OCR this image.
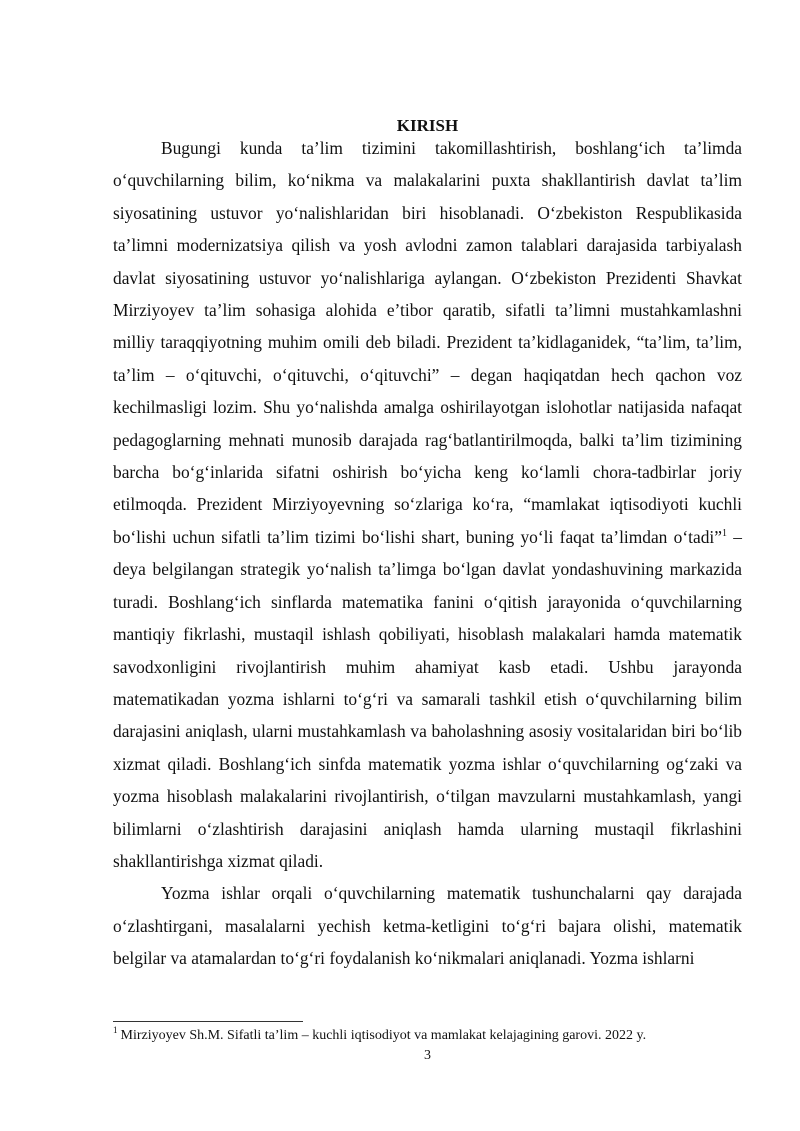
KIRISH

Bugungi kunda ta’lim tizimini takomillashtirish, boshlang‘ich ta’limda o‘quvchilarning bilim, ko‘nikma va malakalarini puxta shakllantirish davlat ta’lim siyosatining ustuvor yo‘nalishlaridan biri hisoblanadi. O‘zbekiston Respublikasida ta’limni modernizatsiya qilish va yosh avlodni zamon talablari darajasida tarbiyalash davlat siyosatining ustuvor yo‘nalishlariga aylangan. O‘zbekiston Prezidenti Shavkat Mirziyoyev ta’lim sohasiga alohida e’tibor qaratib, sifatli ta’limni mustahkamlashni milliy taraqqiyotning muhim omili deb biladi. Prezident ta’kidlaganidek, “ta’lim, ta’lim, ta’lim – o‘qituvchi, o‘qituvchi, o‘qituvchi” – degan haqiqatdan hech qachon voz kechilmasligi lozim. Shu yo‘nalishda amalga oshirilayotgan islohotlar natijasida nafaqat pedagoglarning mehnati munosib darajada rag‘batlantirilmoqda, balki ta’lim tizimining barcha bo‘g‘inlarida sifatni oshirish bo‘yicha keng ko‘lamli chora-tadbirlar joriy etilmoqda. Prezident Mirziyoyevning so‘zlariga ko‘ra, “mamlakat iqtisodiyoti kuchli bo‘lishi uchun sifatli ta’lim tizimi bo‘lishi shart, buning yo‘li faqat ta’limdan o‘tadi”$^1$ – deya belgilangan strategik yo‘nalish ta’limga bo‘lgan davlat yondashuvining markazida turadi. Boshlang‘ich sinflarda matematika fanini o‘qitish jarayonida o‘quvchilarning mantiqiy fikrlashi, mustaqil ishlash qobiliyati, hisoblash malakalari hamda matematik savodxonligini rivojlantirish muhim ahamiyat kasb etadi. Ushbu jarayonda matematikadan yozma ishlarni to‘g‘ri va samarali tashkil etish o‘quvchilarning bilim darajasini aniqlash, ularni mustahkamlash va baholashning asosiy vositalaridan biri bo‘lib xizmat qiladi. Boshlang‘ich sinfda matematik yozma ishlar o‘quvchilarning og‘zaki va yozma hisoblash malakalarini rivojlantirish, o‘tilgan mavzularni mustahkamlash, yangi bilimlarni o‘zlashtirish darajasini aniqlash hamda ularning mustaqil fikrlashini shakllantirishga xizmat qiladi.

Yozma ishlar orqali o‘quvchilarning matematik tushunchalarni qay darajada o‘zlashtirgani, masalalarni yechish ketma-ketligini to‘g‘ri bajara olishi, matematik belgilar va atamalardan to‘g‘ri foydalanish ko‘nikmalari aniqlanadi. Yozma ishlarni

$^1$ Mirziyoyev Sh.M. Sifatli ta’lim – kuchli iqtisodiyot va mamlakat kelajagining garovi. 2022 y.
3
